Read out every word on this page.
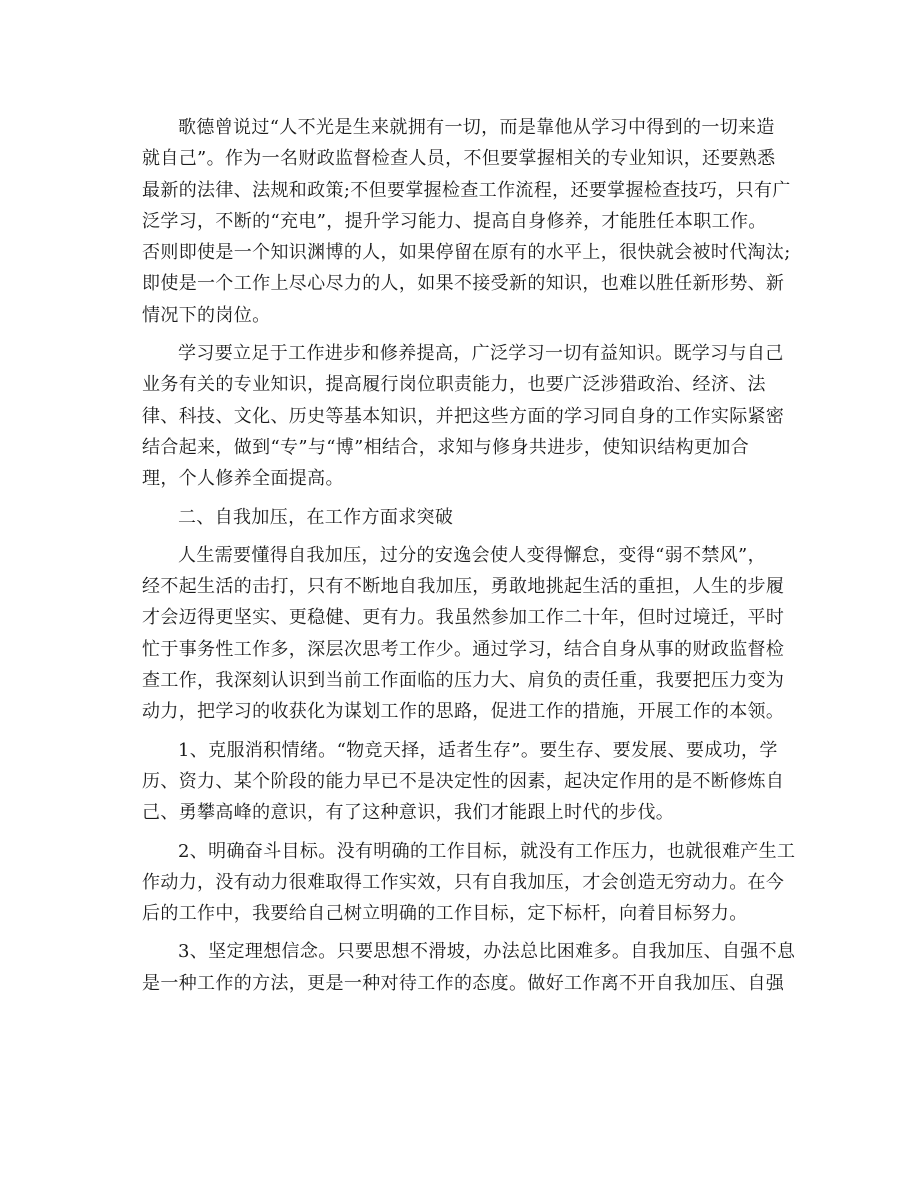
歌德曾说过“人不光是生来就拥有一切，而是靠他从学习中得到的一切来造
就自己”。作为一名财政监督检查人员，不但要掌握相关的专业知识，还要熟悉
最新的法律、法规和政策;不但要掌握检查工作流程，还要掌握检查技巧，只有广
泛学习，不断的“充电”，提升学习能力、提高自身修养，才能胜任本职工作。
否则即使是一个知识渊博的人，如果停留在原有的水平上，很快就会被时代淘汰;
即使是一个工作上尽心尽力的人，如果不接受新的知识，也难以胜任新形势、新
情况下的岗位。
学习要立足于工作进步和修养提高，广泛学习一切有益知识。既学习与自己
业务有关的专业知识，提高履行岗位职责能力，也要广泛涉猎政治、经济、法
律、科技、文化、历史等基本知识，并把这些方面的学习同自身的工作实际紧密
结合起来，做到“专”与“博”相结合，求知与修身共进步，使知识结构更加合
理，个人修养全面提高。
二、自我加压，在工作方面求突破
人生需要懂得自我加压，过分的安逸会使人变得懈怠，变得“弱不禁风”，
经不起生活的击打，只有不断地自我加压，勇敢地挑起生活的重担，人生的步履
才会迈得更坚实、更稳健、更有力。我虽然参加工作二十年，但时过境迁，平时
忙于事务性工作多，深层次思考工作少。通过学习，结合自身从事的财政监督检
查工作，我深刻认识到当前工作面临的压力大、肩负的责任重，我要把压力变为
动力，把学习的收获化为谋划工作的思路，促进工作的措施，开展工作的本领。
1、克服消积情绪。“物竞天择，适者生存”。要生存、要发展、要成功，学
历、资力、某个阶段的能力早已不是决定性的因素，起决定作用的是不断修炼自
己、勇攀高峰的意识，有了这种意识，我们才能跟上时代的步伐。
2、明确奋斗目标。没有明确的工作目标，就没有工作压力，也就很难产生工
作动力，没有动力很难取得工作实效，只有自我加压，才会创造无穷动力。在今
后的工作中，我要给自己树立明确的工作目标，定下标杆，向着目标努力。
3、坚定理想信念。只要思想不滑坡，办法总比困难多。自我加压、自强不息
是一种工作的方法，更是一种对待工作的态度。做好工作离不开自我加压、自强
